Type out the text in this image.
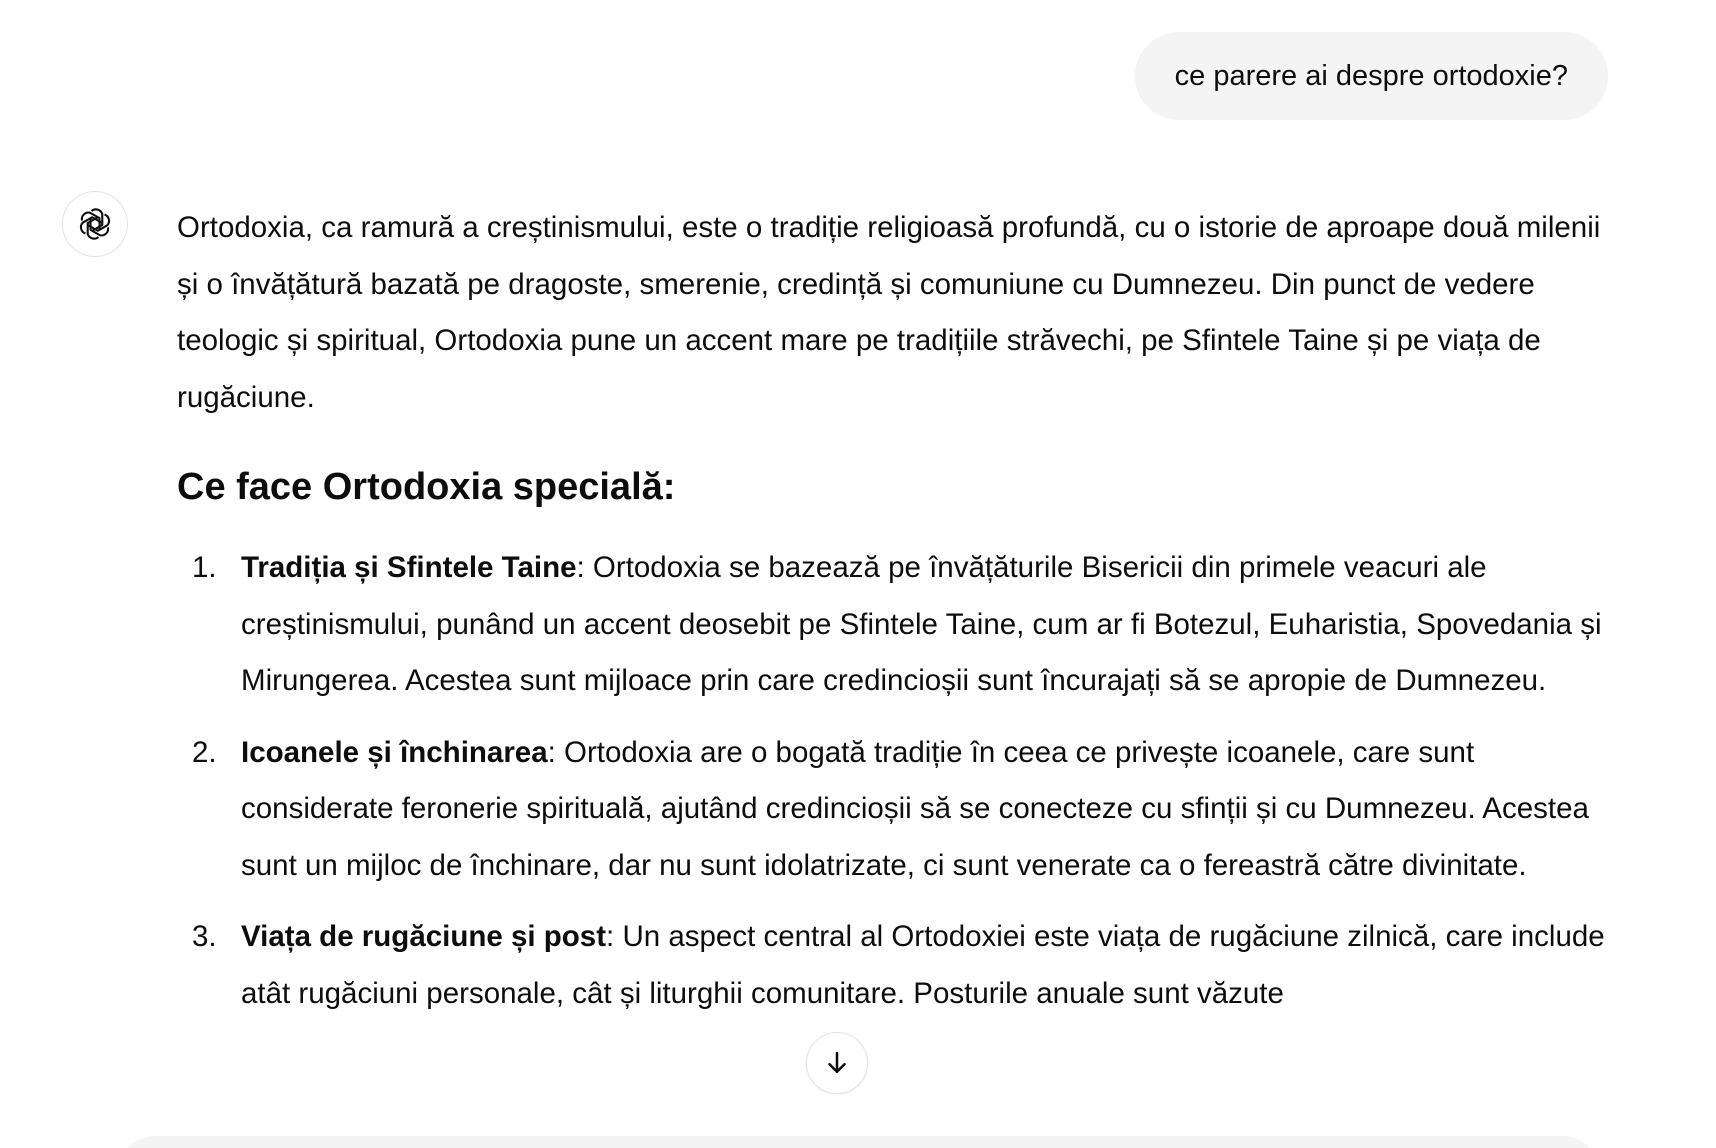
ce parere ai despre ortodoxie?

Ortodoxia, ca ramură a creștinismului, este o tradiție religioasă profundă, cu o istorie de aproape două milenii și o învățătură bazată pe dragoste, smerenie, credință și comuniune cu Dumnezeu. Din punct de vedere teologic și spiritual, Ortodoxia pune un accent mare pe tradițiile străvechi, pe Sfintele Taine și pe viața de rugăciune.

Ce face Ortodoxia specială:
1. Tradiția și Sfintele Taine: Ortodoxia se bazează pe învățăturile Bisericii din primele veacuri ale creștinismului, punând un accent deosebit pe Sfintele Taine, cum ar fi Botezul, Euharistia, Spovedania și Mirungerea. Acestea sunt mijloace prin care credincioșii sunt încurajați să se apropie de Dumnezeu.
2. Icoanele și închinarea: Ortodoxia are o bogată tradiție în ceea ce privește icoanele, care sunt considerate feronerie spirituală, ajutând credincioșii să se conecteze cu sfinții și cu Dumnezeu. Acestea sunt un mijloc de închinare, dar nu sunt idolatrizate, ci sunt venerate ca o fereastră către divinitate.
3. Viața de rugăciune și post: Un aspect central al Ortodoxiei este viața de rugăciune zilnică, care include atât rugăciuni personale, cât și liturghii comunitare. Posturile anuale sunt văzute
